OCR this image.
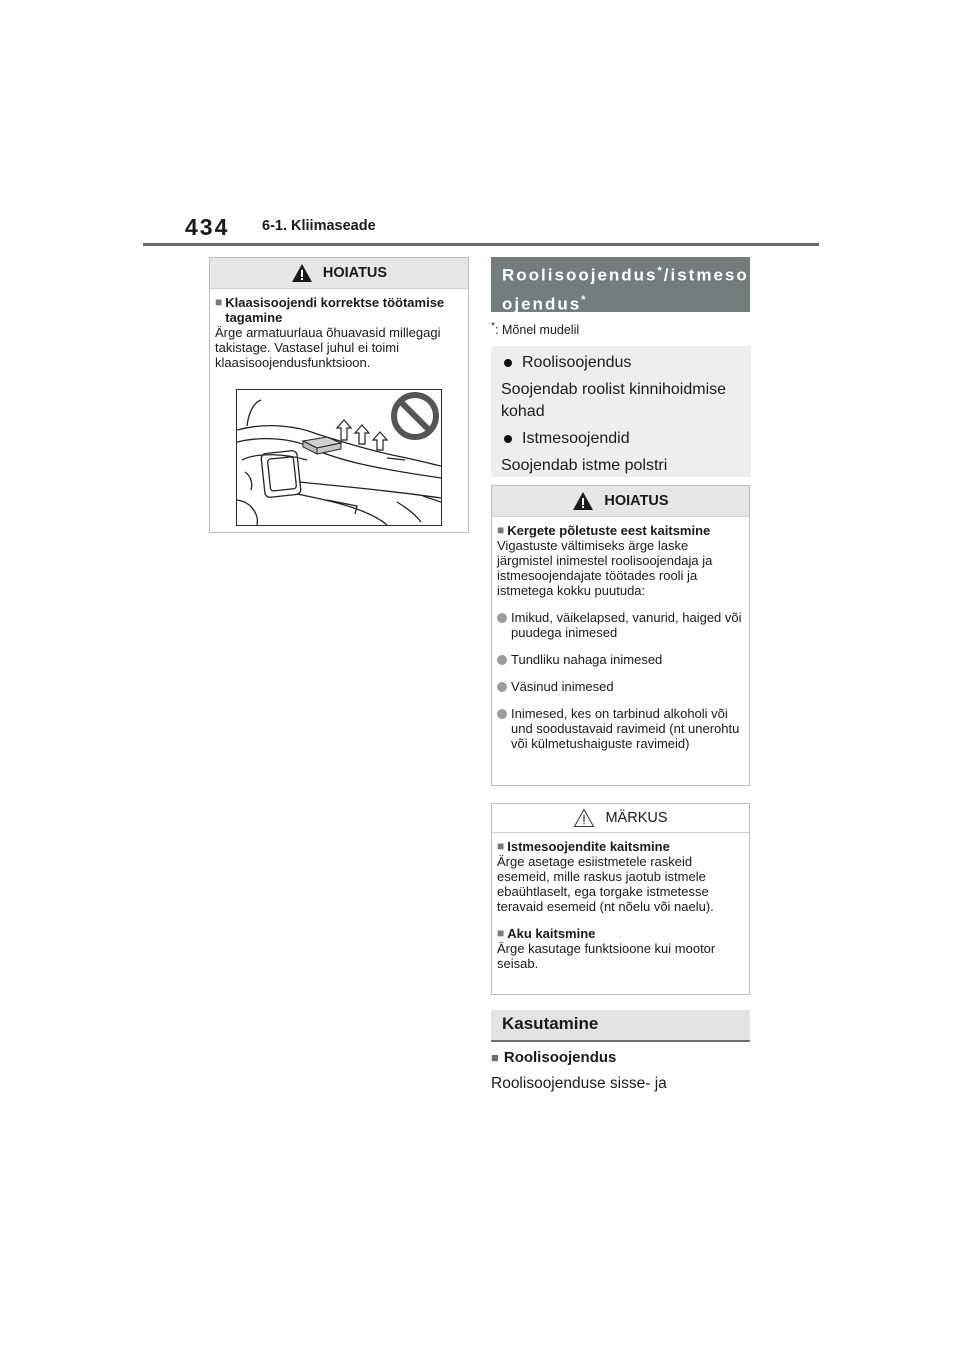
434 6-1. Kliimaseade
HOIATUS
■ Klaasisoojendi korrektse töötamise tagamine

Ärge armatuurlaua õhuavasid millegagi takistage. Vastasel juhul ei toimi klaasisoojendusfunktsioon.

Roolisoojendus*/istmeso
ojendus*
*: Mõnel mudelil
Roolisoojendus
Soojendab roolist kinnihoidmise kohad
Istmesoojendid
Soojendab istme polstri
HOIATUS
■ Kergete põletuste eest kaitsmine

Vigastuste vältimiseks ärge laske järgmistel inimestel roolisoojendaja ja istmesoojendajate töötades rooli ja istmetega kokku puutuda:

Imikud, väikelapsed, vanurid, haiged või puudega inimesed
Tundliku nahaga inimesed
Väsinud inimesed
Inimesed, kes on tarbinud alkoholi või und soodustavaid ravimeid (nt unerohtu või külmetushaiguste ravimeid)
MÄRKUS
■ Istmesoojendite kaitsmine

Ärge asetage esiistmetele raskeid esemeid, mille raskus jaotub istmele ebaühtlaselt, ega torgake istmetesse teravaid esemeid (nt nõelu või naelu).

■ Aku kaitsmine

Ärge kasutage funktsioone kui mootor seisab.

Kasutamine
■ Roolisoojendus
Roolisoojenduse sisse- ja
